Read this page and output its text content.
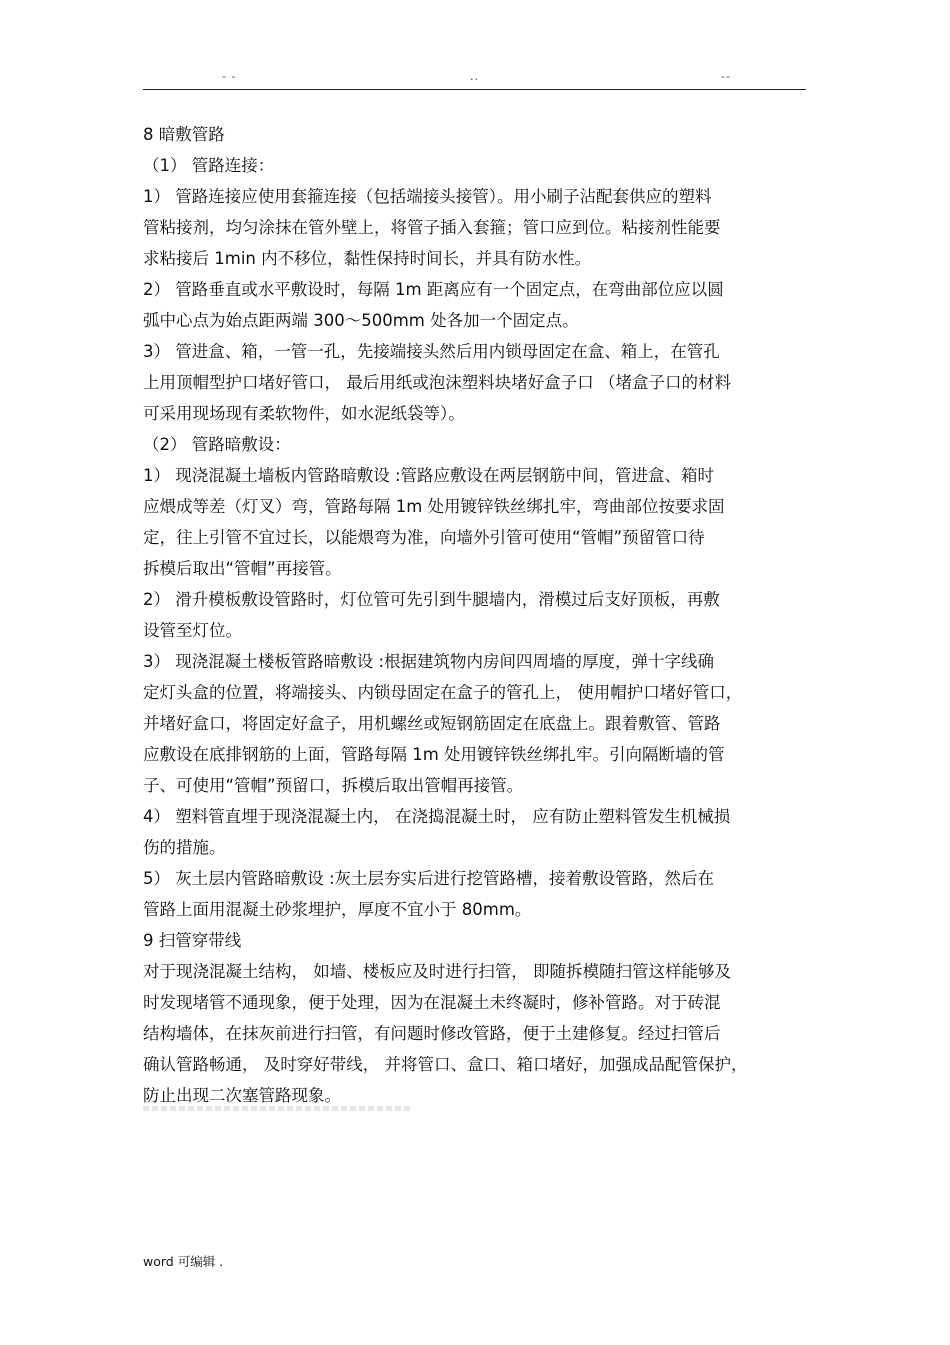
- -	..	--
8 暗敷管路
（1） 管路连接：
1） 管路连接应使用套箍连接（包括端接头接管）。用小刷子沾配套供应的塑料
管粘接剂，均匀涂抹在管外壁上，将管子插入套箍；管口应到位。粘接剂性能要
求粘接后 1min 内不移位，黏性保持时间长，并具有防水性。
2） 管路垂直或水平敷设时，每隔 1m 距离应有一个固定点，在弯曲部位应以圆
弧中心点为始点距两端 300～500mm 处各加一个固定点。
3） 管进盒、箱，一管一孔，先接端接头然后用内锁母固定在盒、箱上，在管孔
上用顶帽型护口堵好管口， 最后用纸或泡沫塑料块堵好盒子口 （堵盒子口的材料
可采用现场现有柔软物件，如水泥纸袋等）。
（2） 管路暗敷设：
1） 现浇混凝土墙板内管路暗敷设 :管路应敷设在两层钢筋中间，管进盒、箱时
应煨成等差（灯叉）弯，管路每隔 1m 处用镀锌铁丝绑扎牢，弯曲部位按要求固
定，往上引管不宜过长，以能煨弯为准，向墙外引管可使用“管帽”预留管口待
拆模后取出“管帽”再接管。
2） 滑升模板敷设管路时，灯位管可先引到牛腿墙内，滑模过后支好顶板，再敷
设管至灯位。
3） 现浇混凝土楼板管路暗敷设 :根据建筑物内房间四周墙的厚度，弹十字线确
定灯头盒的位置，将端接头、内锁母固定在盒子的管孔上， 使用帽护口堵好管口，
并堵好盒口，将固定好盒子，用机螺丝或短钢筋固定在底盘上。跟着敷管、管路
应敷设在底排钢筋的上面，管路每隔 1m 处用镀锌铁丝绑扎牢。引向隔断墙的管
子、可使用“管帽”预留口，拆模后取出管帽再接管。
4） 塑料管直埋于现浇混凝土内， 在浇捣混凝土时， 应有防止塑料管发生机械损
伤的措施。
5） 灰土层内管路暗敷设 :灰土层夯实后进行挖管路槽，接着敷设管路，然后在
管路上面用混凝土砂浆埋护，厚度不宜小于 80mm。
9 扫管穿带线
对于现浇混凝土结构， 如墙、楼板应及时进行扫管， 即随拆模随扫管这样能够及
时发现堵管不通现象，便于处理，因为在混凝土未终凝时，修补管路。对于砖混
结构墙体，在抹灰前进行扫管，有问题时修改管路，便于土建修复。经过扫管后
确认管路畅通， 及时穿好带线， 并将管口、盒口、箱口堵好，加强成品配管保护，
防止出现二次塞管路现象。
word 可编辑 .
